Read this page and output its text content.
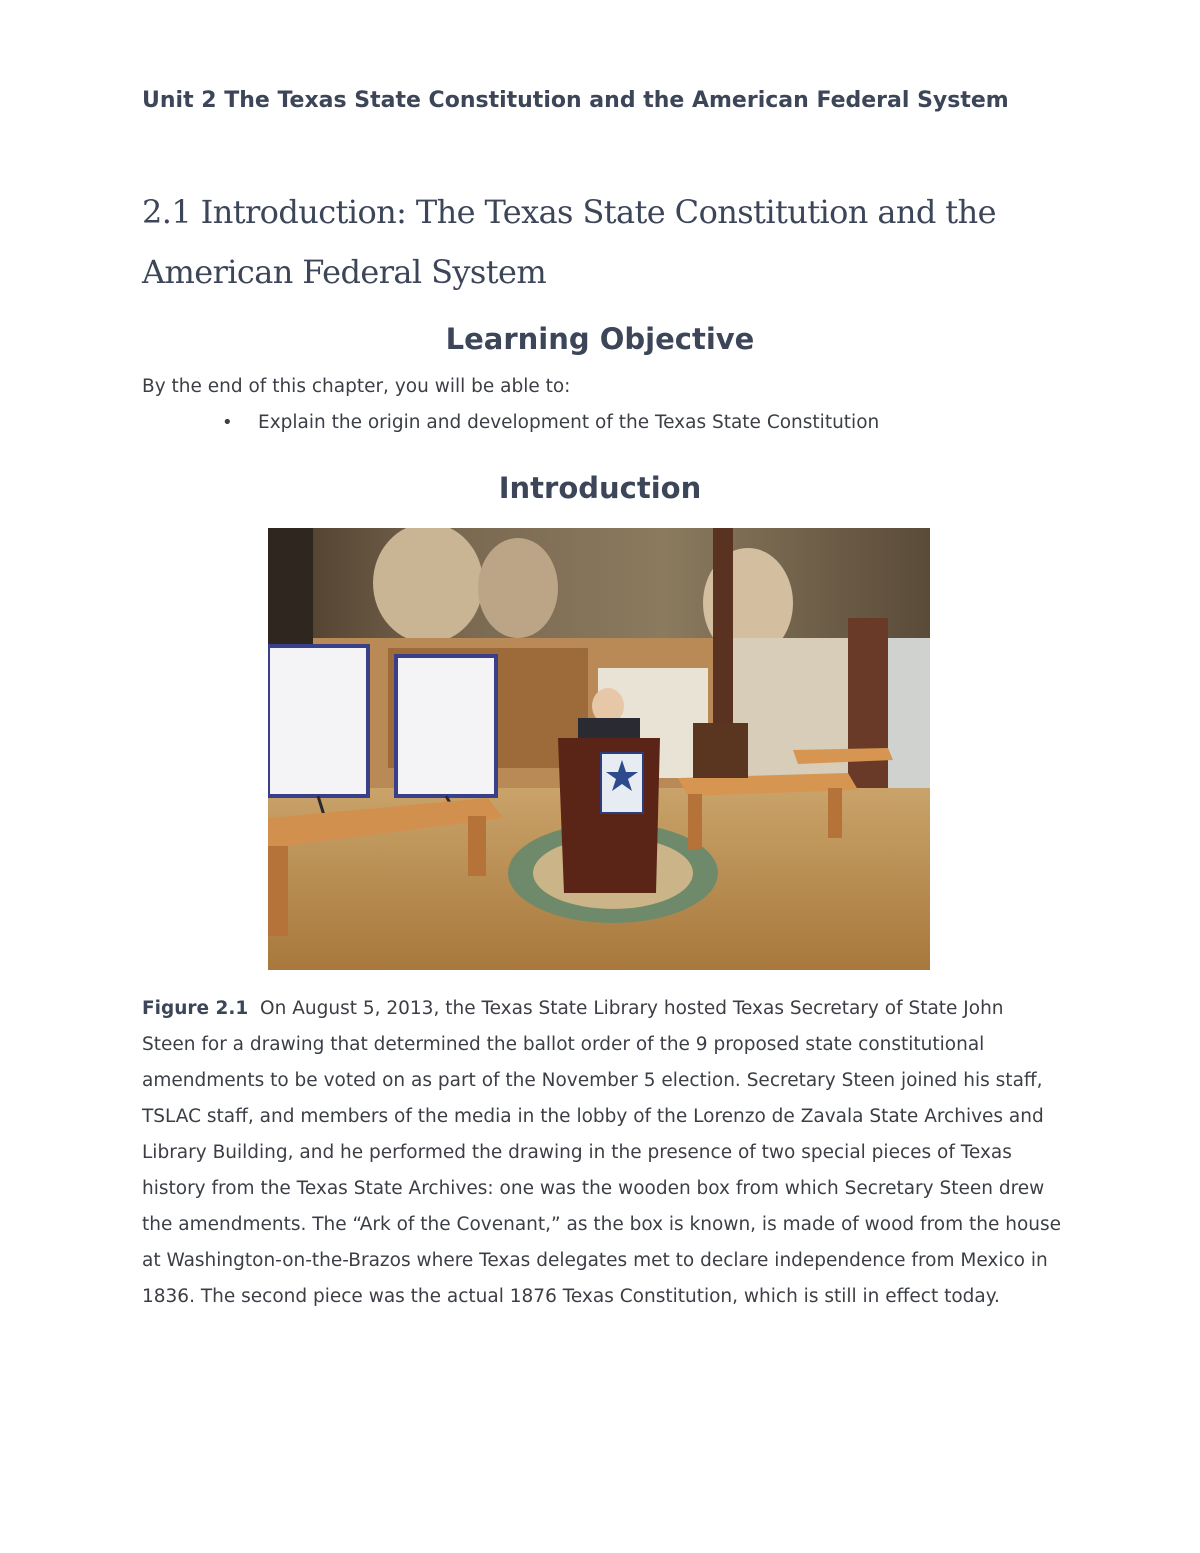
Unit 2 The Texas State Constitution and the American Federal System
2.1 Introduction: The Texas State Constitution and the American Federal System
Learning Objective

By the end of this chapter, you will be able to:

• Explain the origin and development of the Texas State Constitution
Introduction

Figure 2.1 On August 5, 2013, the Texas State Library hosted Texas Secretary of State John Steen for a drawing that determined the ballot order of the 9 proposed state constitutional amendments to be voted on as part of the November 5 election. Secretary Steen joined his staff, TSLAC staff, and members of the media in the lobby of the Lorenzo de Zavala State Archives and Library Building, and he performed the drawing in the presence of two special pieces of Texas history from the Texas State Archives: one was the wooden box from which Secretary Steen drew the amendments. The “Ark of the Covenant,” as the box is known, is made of wood from the house at Washington-on-the-Brazos where Texas delegates met to declare independence from Mexico in 1836. The second piece was the actual 1876 Texas Constitution, which is still in effect today.
